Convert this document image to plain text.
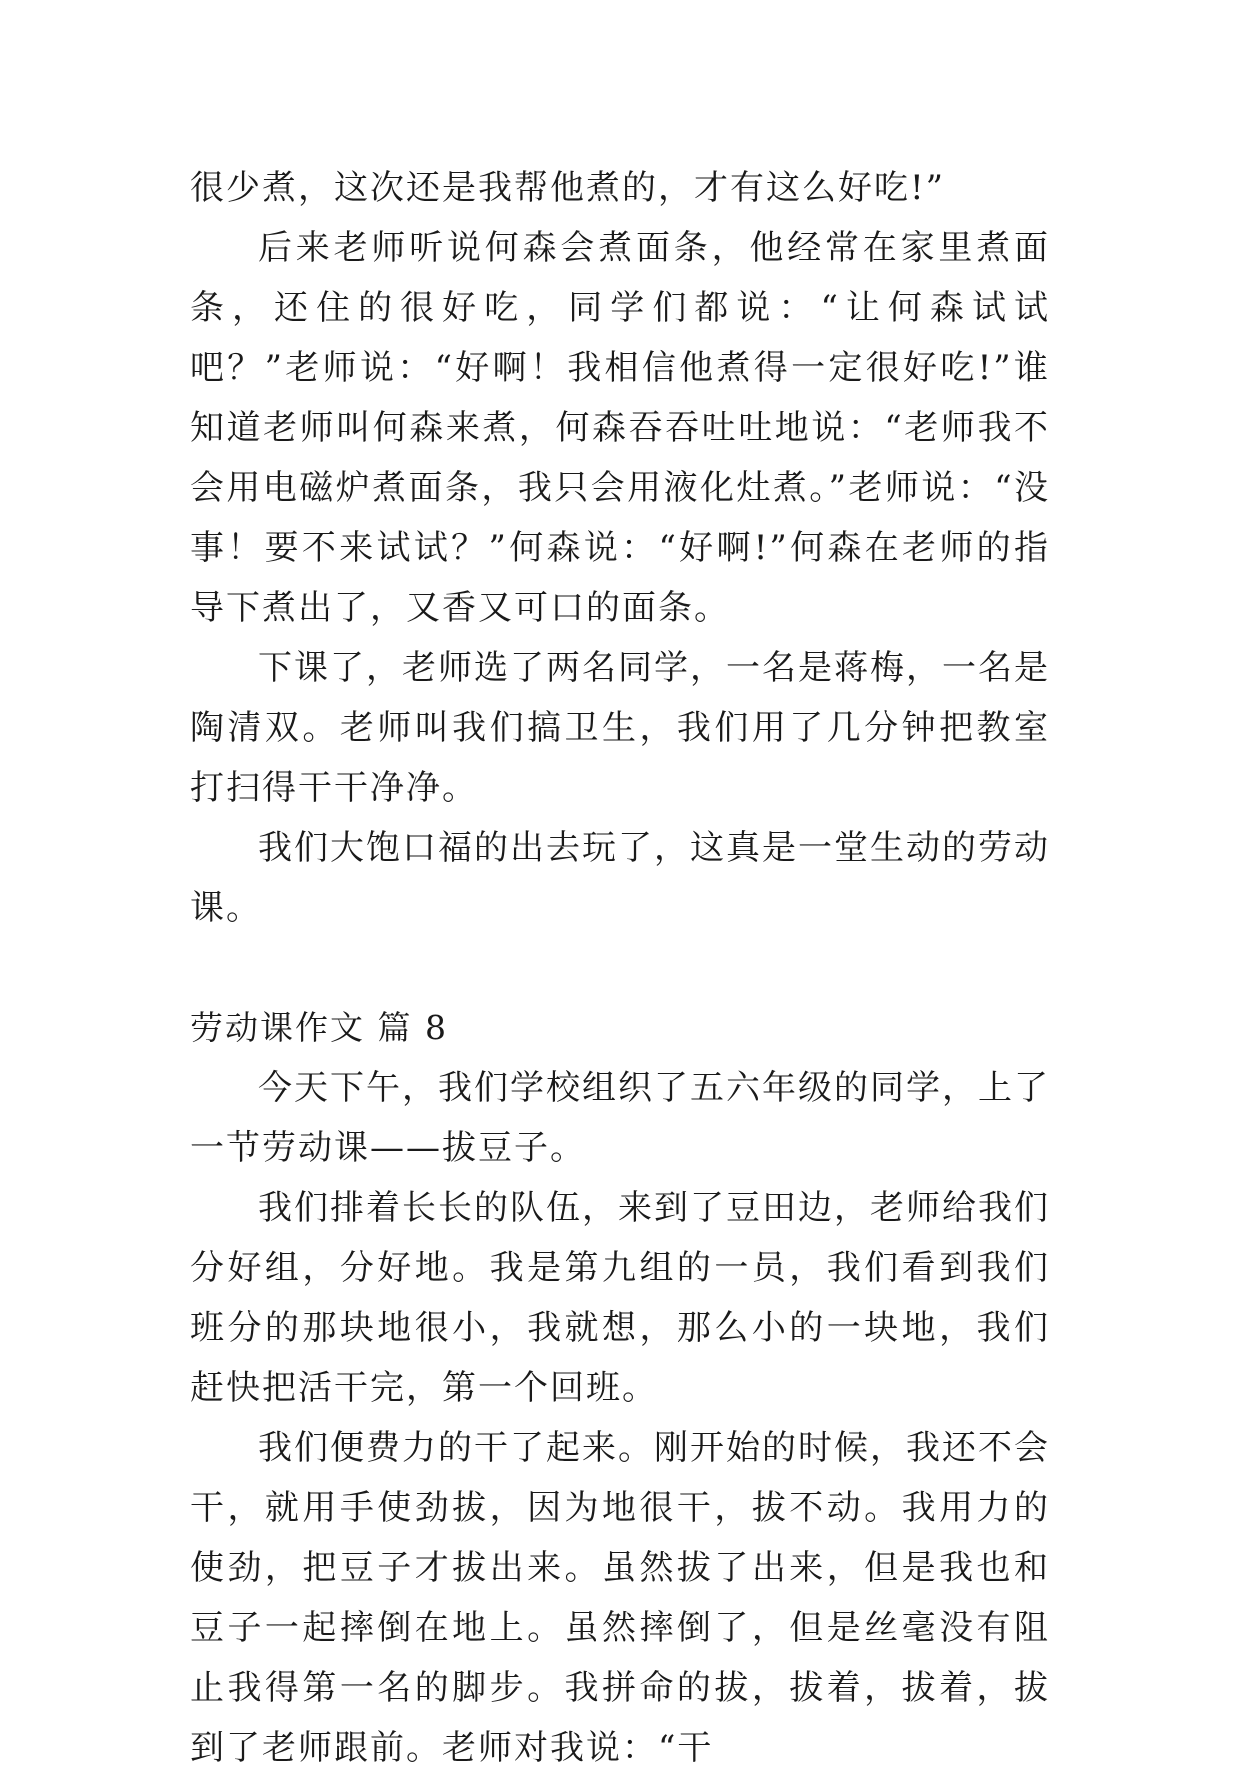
很少煮，这次还是我帮他煮的，才有这么好吃!”

后来老师听说何森会煮面条，他经常在家里煮面条，还住的很好吃，同学们都说：“让何森试试吧？”老师说：“好啊！我相信他煮得一定很好吃!”谁知道老师叫何森来煮，何森吞吞吐吐地说：“老师我不会用电磁炉煮面条，我只会用液化灶煮。”老师说：“没事！要不来试试？”何森说：“好啊!”何森在老师的指导下煮出了，又香又可口的面条。

下课了，老师选了两名同学，一名是蒋梅，一名是陶清双。老师叫我们搞卫生，我们用了几分钟把教室打扫得干干净净。

我们大饱口福的出去玩了，这真是一堂生动的劳动课。

劳动课作文 篇 8

今天下午，我们学校组织了五六年级的同学，上了一节劳动课——拔豆子。

我们排着长长的队伍，来到了豆田边，老师给我们分好组，分好地。我是第九组的一员，我们看到我们班分的那块地很小，我就想，那么小的一块地，我们赶快把活干完，第一个回班。

我们便费力的干了起来。刚开始的时候，我还不会干，就用手使劲拔，因为地很干，拔不动。我用力的使劲，把豆子才拔出来。虽然拔了出来，但是我也和豆子一起摔倒在地上。虽然摔倒了，但是丝毫没有阻止我得第一名的脚步。我拼命的拔，拔着，拔着，拔到了老师跟前。老师对我说：“干
